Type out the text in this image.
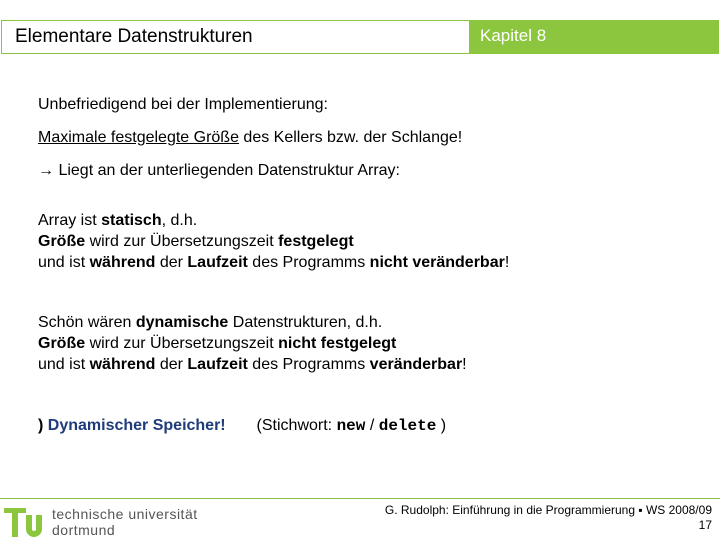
Elementare Datenstrukturen	Kapitel 8
Unbefriedigend bei der Implementierung:
Maximale festgelegte Größe des Kellers bzw. der Schlange!
→ Liegt an der unterliegenden Datenstruktur Array:
Array ist statisch, d.h.
Größe wird zur Übersetzungszeit festgelegt
und ist während der Laufzeit des Programms nicht veränderbar!
Schön wären dynamische Datenstrukturen, d.h.
Größe wird zur Übersetzungszeit nicht festgelegt
und ist während der Laufzeit des Programms veränderbar!
) Dynamischer Speicher! (Stichwort: new / delete )
technische universität
dortmund
G. Rudolph: Einführung in die Programmierung ▪ WS 2008/09
17
